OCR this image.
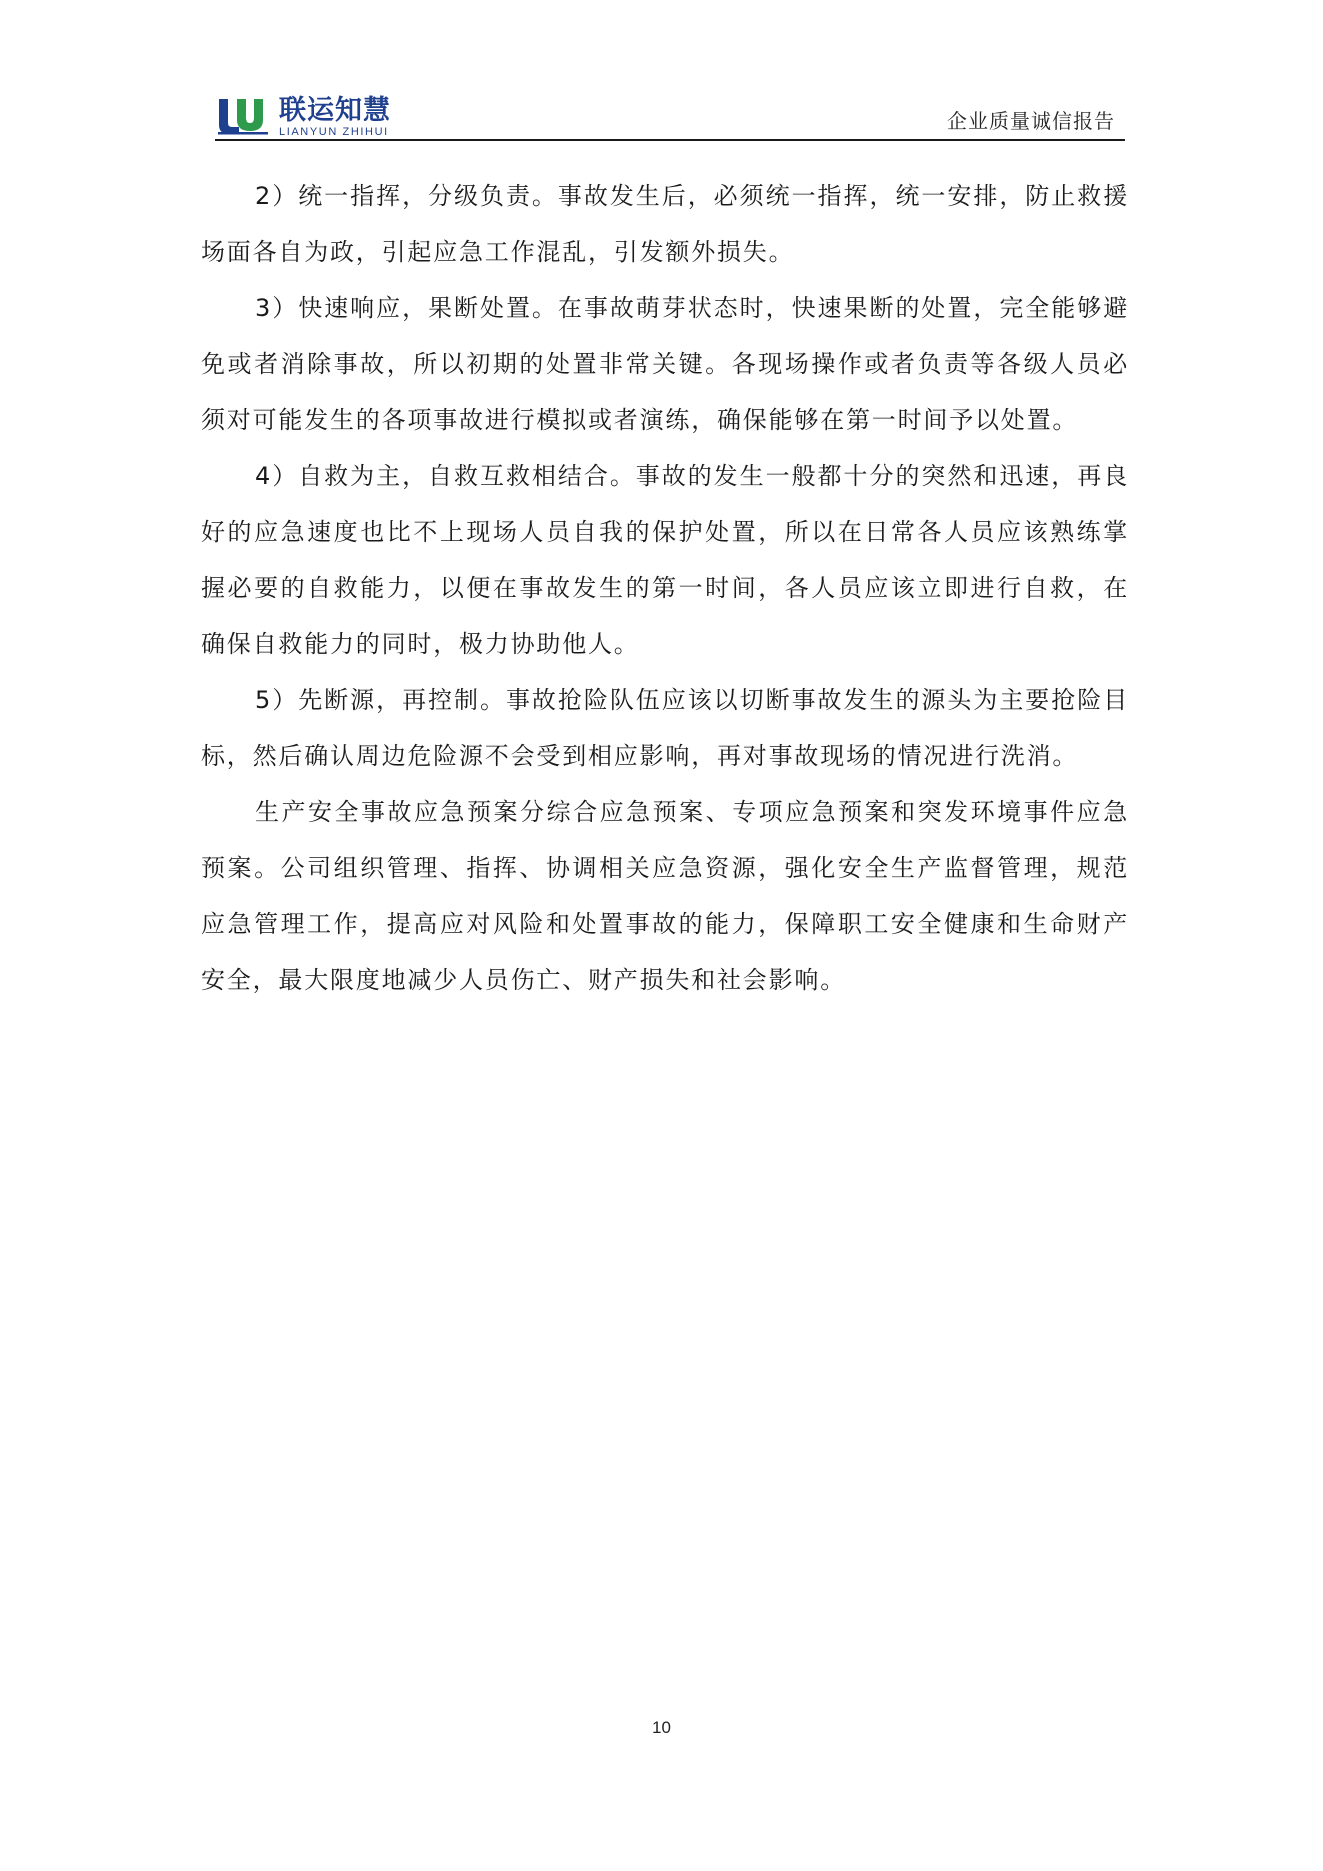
联运知慧
LIANYUN ZHIHUI	企业质量诚信报告

2）统一指挥，分级负责。事故发生后，必须统一指挥，统一安排，防止救援场面各自为政，引起应急工作混乱，引发额外损失。

3）快速响应，果断处置。在事故萌芽状态时，快速果断的处置，完全能够避免或者消除事故，所以初期的处置非常关键。各现场操作或者负责等各级人员必须对可能发生的各项事故进行模拟或者演练，确保能够在第一时间予以处置。

4）自救为主，自救互救相结合。事故的发生一般都十分的突然和迅速，再良好的应急速度也比不上现场人员自我的保护处置，所以在日常各人员应该熟练掌握必要的自救能力，以便在事故发生的第一时间，各人员应该立即进行自救，在确保自救能力的同时，极力协助他人。

5）先断源，再控制。事故抢险队伍应该以切断事故发生的源头为主要抢险目标，然后确认周边危险源不会受到相应影响，再对事故现场的情况进行洗消。

生产安全事故应急预案分综合应急预案、专项应急预案和突发环境事件应急预案。公司组织管理、指挥、协调相关应急资源，强化安全生产监督管理，规范应急管理工作，提高应对风险和处置事故的能力，保障职工安全健康和生命财产安全，最大限度地减少人员伤亡、财产损失和社会影响。

10
